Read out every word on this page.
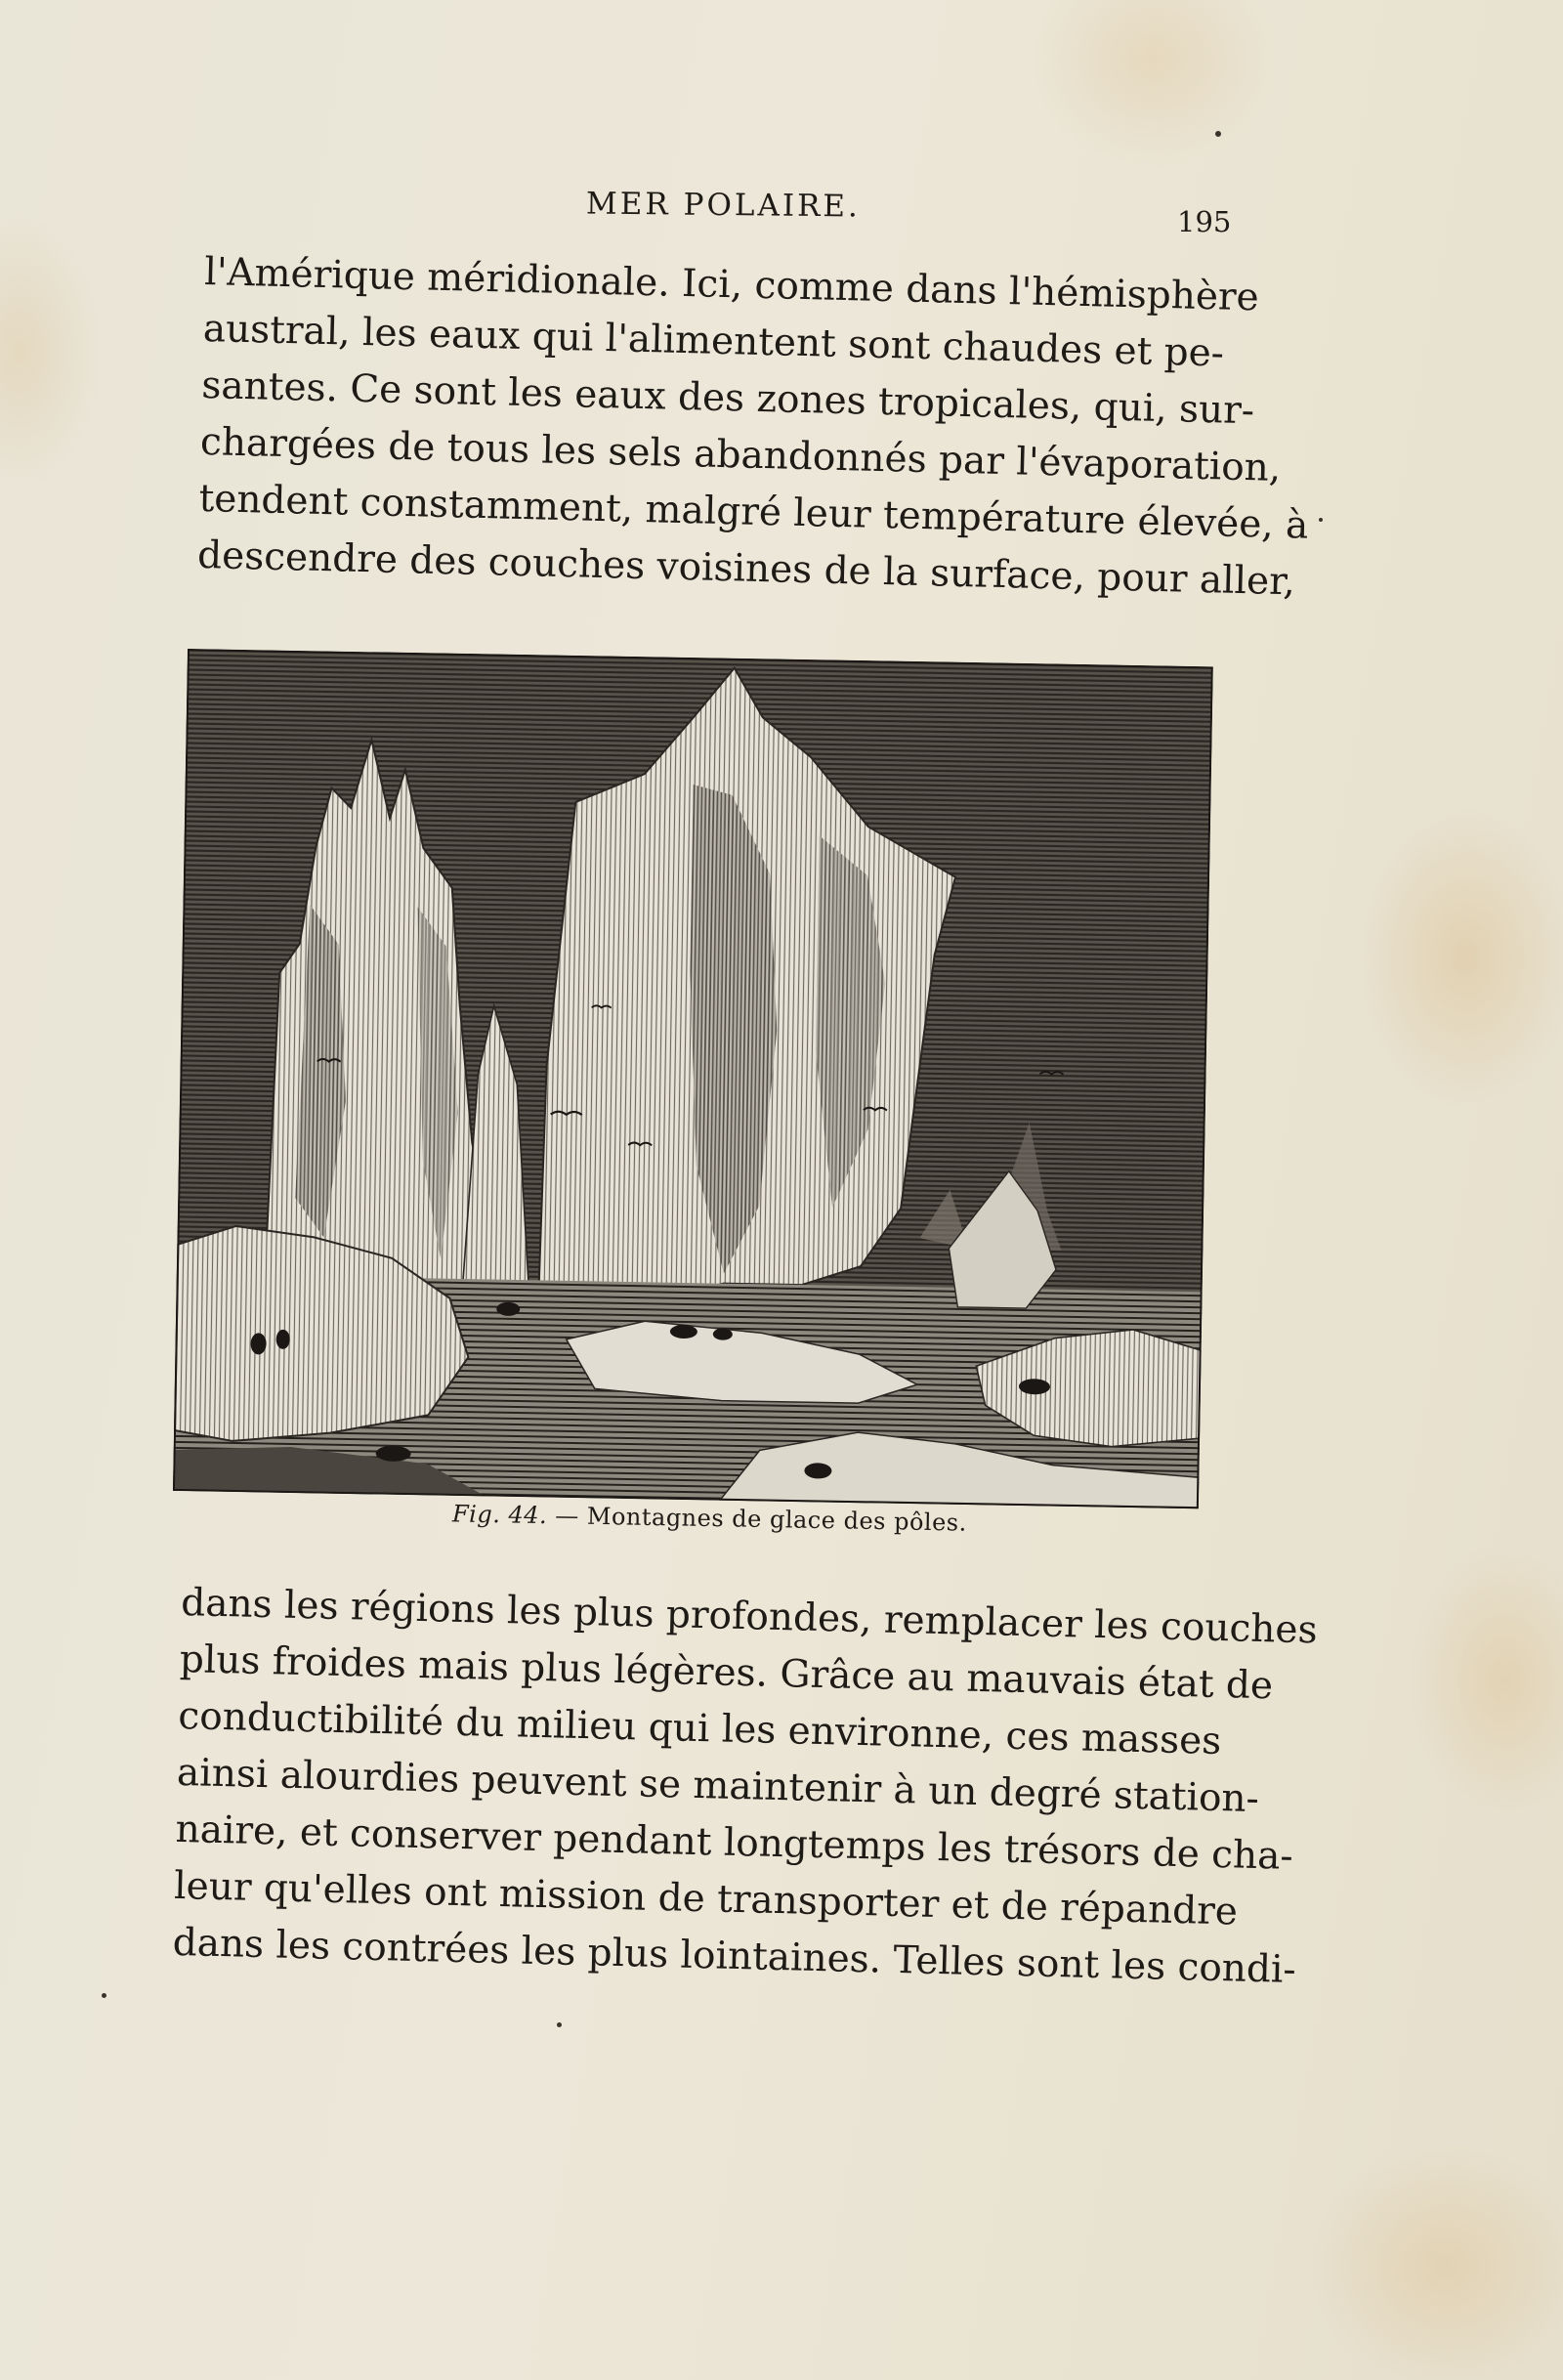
MER POLAIRE.	195
l'Amérique méridionale. Ici, comme dans l'hémisphère
austral, les eaux qui l'alimentent sont chaudes et pe-
santes. Ce sont les eaux des zones tropicales, qui, sur-
chargées de tous les sels abandonnés par l'évaporation,
tendent constamment, malgré leur température élevée, à
descendre des couches voisines de la surface, pour aller,
Fig. 44. — Montagnes de glace des pôles.
dans les régions les plus profondes, remplacer les couches
plus froides mais plus légères. Grâce au mauvais état de
conductibilité du milieu qui les environne, ces masses
ainsi alourdies peuvent se maintenir à un degré station-
naire, et conserver pendant longtemps les trésors de cha-
leur qu'elles ont mission de transporter et de répandre
dans les contrées les plus lointaines. Telles sont les condi-
